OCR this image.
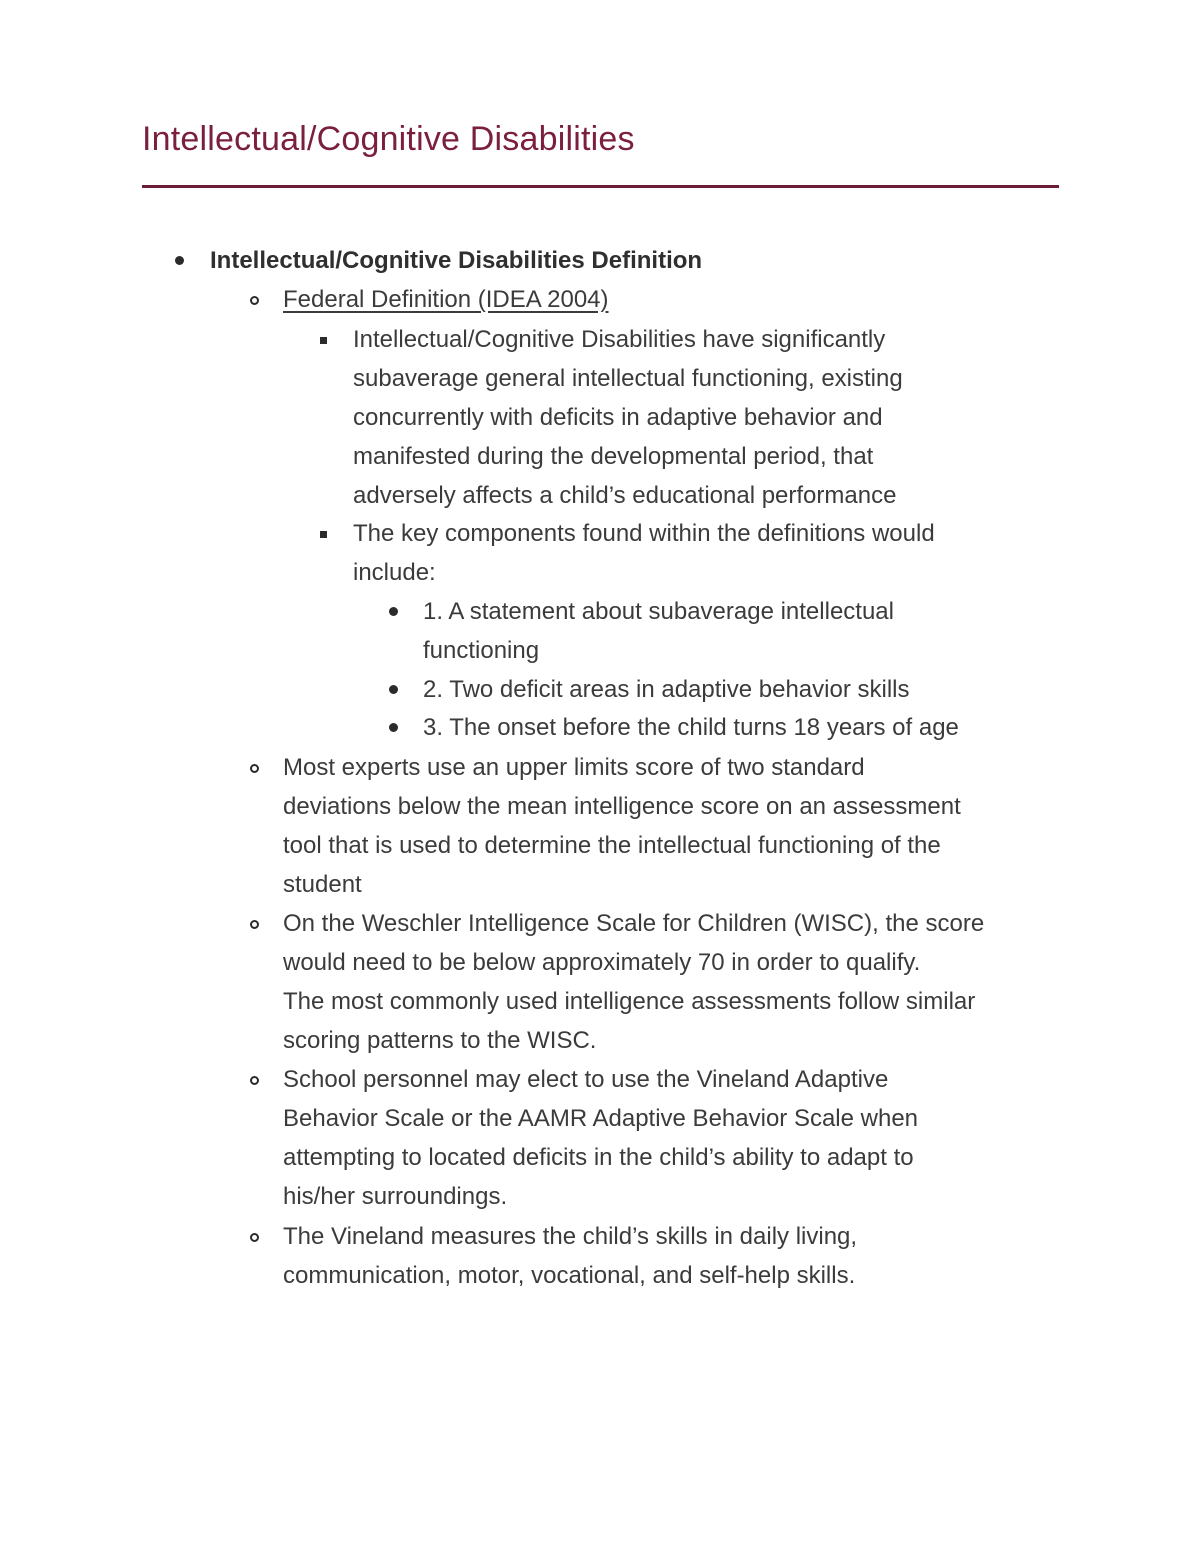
Intellectual/Cognitive Disabilities

Intellectual/Cognitive Disabilities Definition

Federal Definition (IDEA 2004)

Intellectual/Cognitive Disabilities have significantly

subaverage general intellectual functioning, existing

concurrently with deficits in adaptive behavior and

manifested during the developmental period, that

adversely affects a child’s educational performance

The key components found within the definitions would

include:

1. A statement about subaverage intellectual

functioning

2. Two deficit areas in adaptive behavior skills

3. The onset before the child turns 18 years of age

Most experts use an upper limits score of two standard

deviations below the mean intelligence score on an assessment

tool that is used to determine the intellectual functioning of the

student

On the Weschler Intelligence Scale for Children (WISC), the score

would need to be below approximately 70 in order to qualify.

The most commonly used intelligence assessments follow similar

scoring patterns to the WISC.

School personnel may elect to use the Vineland Adaptive

Behavior Scale or the AAMR Adaptive Behavior Scale when

attempting to located deficits in the child’s ability to adapt to

his/her surroundings.

The Vineland measures the child’s skills in daily living,

communication, motor, vocational, and self-help skills.
